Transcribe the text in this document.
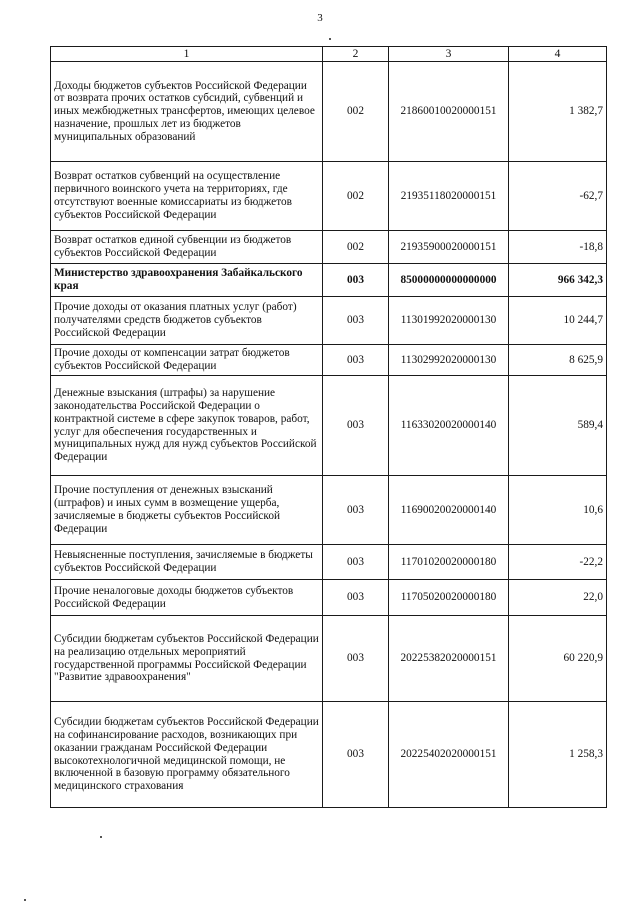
3
1	2	3	4
Доходы бюджетов субъектов Российской Федерации от возврата прочих остатков субсидий, субвенций и иных межбюджетных трансфертов, имеющих целевое назначение, прошлых лет из бюджетов муниципальных образований	002	21860010020000151	1 382,7
Возврат остатков субвенций на осуществление первичного воинского учета на территориях, где отсутствуют военные комиссариаты из бюджетов субъектов Российской Федерации	002	21935118020000151	-62,7
Возврат остатков единой субвенции из бюджетов субъектов Российской Федерации	002	21935900020000151	-18,8
Министерство здравоохранения Забайкальского края	003	85000000000000000	966 342,3
Прочие доходы от оказания платных услуг (работ) получателями средств бюджетов субъектов Российской Федерации	003	11301992020000130	10 244,7
Прочие доходы от компенсации затрат бюджетов субъектов Российской Федерации	003	11302992020000130	8 625,9
Денежные взыскания (штрафы) за нарушение законодательства Российской Федерации о контрактной системе в сфере закупок товаров, работ, услуг для обеспечения государственных и муниципальных нужд для нужд субъектов Российской Федерации	003	11633020020000140	589,4
Прочие поступления от денежных взысканий (штрафов) и иных сумм в возмещение ущерба, зачисляемые в бюджеты субъектов Российской Федерации	003	11690020020000140	10,6
Невыясненные поступления, зачисляемые в бюджеты субъектов Российской Федерации	003	11701020020000180	-22,2
Прочие неналоговые доходы бюджетов субъектов Российской Федерации	003	11705020020000180	22,0
Субсидии бюджетам субъектов Российской Федерации на реализацию отдельных мероприятий государственной программы Российской Федерации "Развитие здравоохранения"	003	20225382020000151	60 220,9
Субсидии бюджетам субъектов Российской Федерации на софинансирование расходов, возникающих при оказании гражданам Российской Федерации высокотехнологичной медицинской помощи, не включенной в базовую программу обязательного медицинского страхования	003	20225402020000151	1 258,3
